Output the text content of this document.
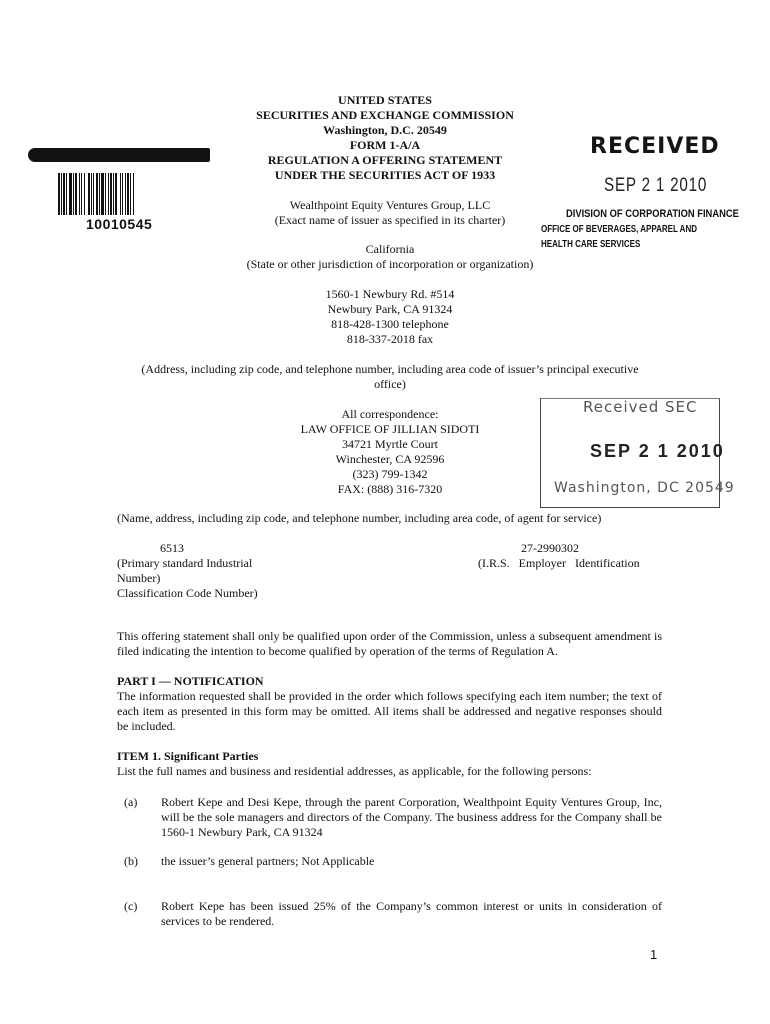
UNITED STATES
SECURITIES AND EXCHANGE COMMISSION
Washington, D.C. 20549
FORM 1-A/A
REGULATION A OFFERING STATEMENT
UNDER THE SECURITIES ACT OF 1933
10010545
RECEIVED
SEP 2 1 2010
DIVISION OF CORPORATION FINANCE
OFFICE OF BEVERAGES, APPAREL AND HEALTH CARE SERVICES
Wealthpoint Equity Ventures Group, LLC
(Exact name of issuer as specified in its charter)
California
(State or other jurisdiction of incorporation or organization)
1560-1 Newbury Rd. #514
Newbury Park, CA 91324
818-428-1300 telephone
818-337-2018 fax
(Address, including zip code, and telephone number, including area code of issuer’s principal executive
office)
All correspondence:
LAW OFFICE OF JILLIAN SIDOTI
34721 Myrtle Court
Winchester, CA 92596
(323) 799-1342
FAX: (888) 316-7320
Received SEC
SEP 2 1 2010
Washington, DC 20549
(Name, address, including zip code, and telephone number, including area code, of agent for service)
6513
(Primary standard Industrial
Number)
Classification Code Number)
27-2990302
(I.R.S.   Employer   Identification
This offering statement shall only be qualified upon order of the Commission, unless a subsequent amendment is filed indicating the intention to become qualified by operation of the terms of Regulation A.
PART I — NOTIFICATION
The information requested shall be provided in the order which follows specifying each item number; the text of each item as presented in this form may be omitted. All items shall be addressed and negative responses should be included.
ITEM 1. Significant Parties
List the full names and business and residential addresses, as applicable, for the following persons:
(a) Robert Kepe and Desi Kepe, through the parent Corporation, Wealthpoint Equity Ventures Group, Inc, will be the sole managers and directors of the Company. The business address for the Company shall be 1560-1 Newbury Park, CA 91324
(b) the issuer’s general partners; Not Applicable
(c) Robert Kepe has been issued 25% of the Company’s common interest or units in consideration of services to be rendered.
1
